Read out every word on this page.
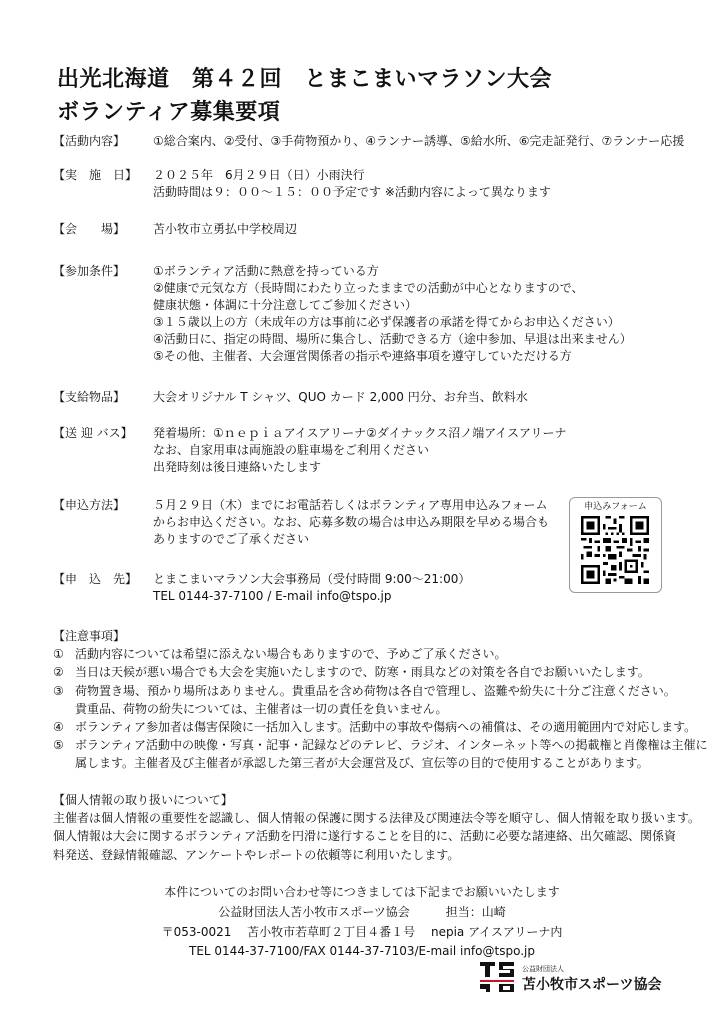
出光北海道　第４２回　とまこまいマラソン大会
ボランティア募集要項
【活動内容】 ①総合案内、②受付、③手荷物預かり、④ランナー誘導、⑤給水所、⑥完走証発行、⑦ランナー応援
【実　施　日】 ２０２５年　6月２９日（日）小雨決行
活動時間は９：００～１５：００予定です ※活動内容によって異なります
【会　　場】 苫小牧市立勇払中学校周辺
【参加条件】 ①ボランティア活動に熱意を持っている方
②健康で元気な方（長時間にわたり立ったままでの活動が中心となりますので、
健康状態・体調に十分注意してご参加ください）
③１５歳以上の方（未成年の方は事前に必ず保護者の承諾を得てからお申込ください）
④活動日に、指定の時間、場所に集合し、活動できる方（途中参加、早退は出来ません）
⑤その他、主催者、大会運営関係者の指示や連絡事項を遵守していただける方
【支給物品】 大会オリジナル T シャツ、QUO カード 2,000 円分、お弁当、飲料水
【送 迎 バス】 発着場所：①ｎｅｐｉａアイスアリーナ②ダイナックス沼ノ端アイスアリーナ
なお、自家用車は両施設の駐車場をご利用ください
出発時刻は後日連絡いたします
【申込方法】 ５月２９日（木）までにお電話若しくはボランティア専用申込みフォーム
からお申込ください。なお、応募多数の場合は申込み期限を早める場合も
ありますのでご了承ください
【申　込　先】 とまこまいマラソン大会事務局（受付時間 9:00～21:00）
TEL 0144-37-7100 / E-mail info@tspo.jp
申込みフォーム
【注意事項】
① 活動内容については希望に添えない場合もありますので、予めご了承ください。
② 当日は天候が悪い場合でも大会を実施いたしますので、防寒・雨具などの対策を各自でお願いいたします。
③ 荷物置き場、預かり場所はありません。貴重品を含め荷物は各自で管理し、盗難や紛失に十分ご注意ください。
貴重品、荷物の紛失については、主催者は一切の責任を負いません。
④ ボランティア参加者は傷害保険に一括加入します。活動中の事故や傷病への補償は、その適用範囲内で対応します。
⑤ ボランティア活動中の映像・写真・記事・記録などのテレビ、ラジオ、インターネット等への掲載権と肖像権は主催に
属します。主催者及び主催者が承認した第三者が大会運営及び、宣伝等の目的で使用することがあります。
【個人情報の取り扱いについて】
主催者は個人情報の重要性を認識し、個人情報の保護に関する法律及び関連法令等を順守し、個人情報を取り扱います。
個人情報は大会に関するボランティア活動を円滑に遂行することを目的に、活動に必要な諸連絡、出欠確認、関係資
料発送、登録情報確認、アンケートやレポートの依頼等に利用いたします。
本件についてのお問い合わせ等につきましては下記までお願いいたします
公益財団法人苫小牧市スポーツ協会　　　担当：山崎
〒053-0021　 苫小牧市若草町２丁目４番１号　 nepia アイスアリーナ内
TEL 0144-37-7100/FAX 0144-37-7103/E-mail info@tspo.jp
公益財団法人
苫小牧市スポーツ協会
